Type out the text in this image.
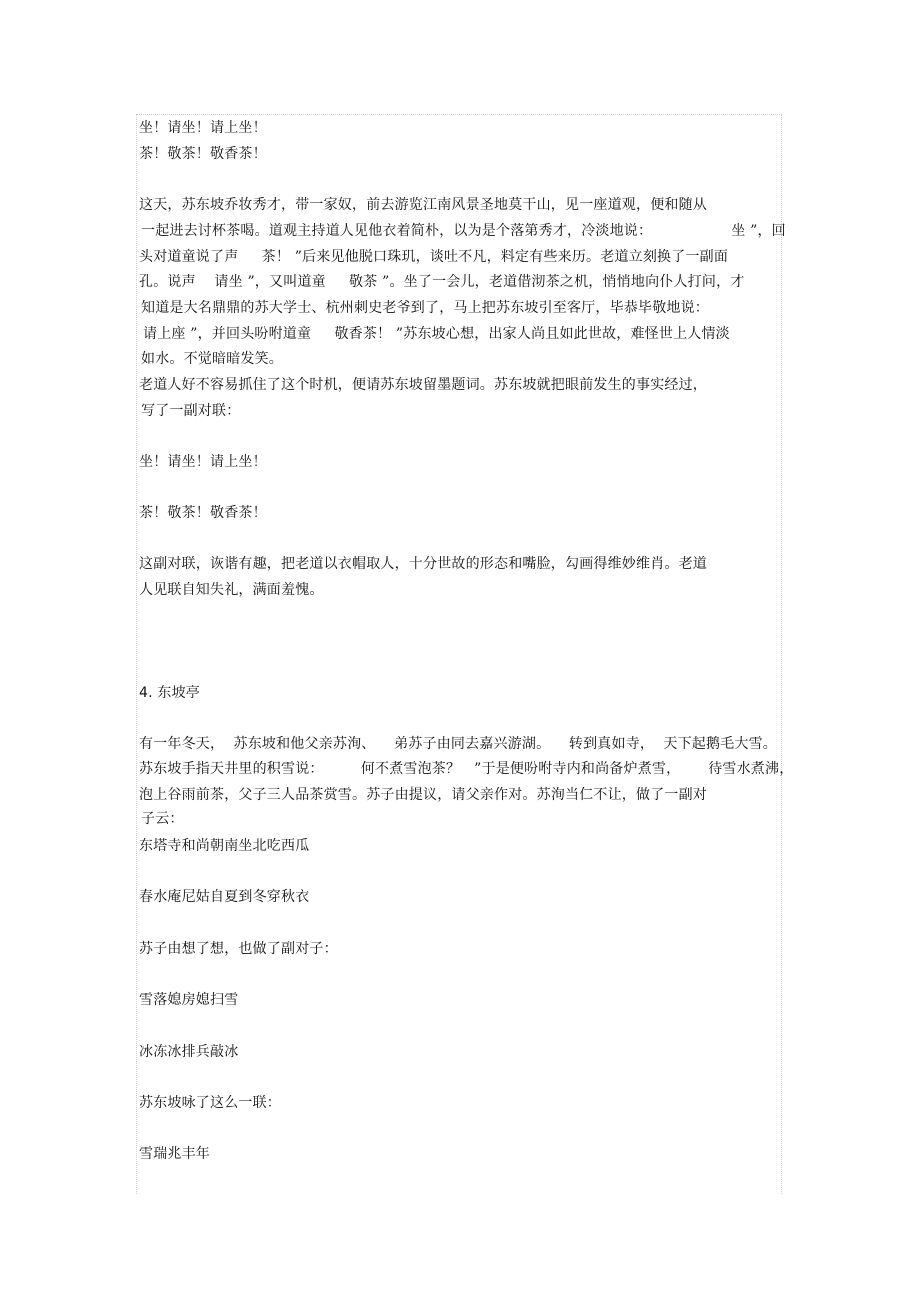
坐！请坐！请上坐！
茶！敬茶！敬香茶！
这天，苏东坡乔妆秀才，带一家奴，前去游览江南风景圣地莫干山，见一座道观，便和随从
一起进去讨杯茶喝。道观主持道人见他衣着简朴，以为是个落第秀才，冷淡地说：                 坐 ”，回
头对道童说了声     茶！ ”后来见他脱口珠玑，谈吐不凡，料定有些来历。老道立刻换了一副面
孔。说声    请坐 ”，又叫道童     敬茶 ”。坐了一会儿，老道借沏茶之机，悄悄地向仆人打问，才
知道是大名鼎鼎的苏大学士、杭州刺史老爷到了，马上把苏东坡引至客厅，毕恭毕敬地说：
请上座 ”，并回头吩咐道童     敬香茶！ ”苏东坡心想，出家人尚且如此世故，难怪世上人情淡
如水。不觉暗暗发笑。
老道人好不容易抓住了这个时机，便请苏东坡留墨题词。苏东坡就把眼前发生的事实经过，
写了一副对联：
坐！请坐！请上坐！
茶！敬茶！敬香茶！
这副对联，诙谐有趣，把老道以衣帽取人，十分世故的形态和嘴脸，勾画得维妙维肖。老道
人见联自知失礼，满面羞愧。
4. 东坡亭
有一年冬天，  苏东坡和他父亲苏洵、    弟苏子由同去嘉兴游湖。    转到真如寺，  天下起鹅毛大雪。
苏东坡手指天井里的积雪说：        何不煮雪泡茶？   ”于是便吩咐寺内和尚备炉煮雪，      待雪水煮沸，
泡上谷雨前茶，父子三人品茶赏雪。苏子由提议，请父亲作对。苏洵当仁不让，做了一副对
子云：
东塔寺和尚朝南坐北吃西瓜
春水庵尼姑自夏到冬穿秋衣
苏子由想了想，也做了副对子：
雪落媳房媳扫雪
冰冻冰排兵敲冰
苏东坡咏了这么一联：
雪瑞兆丰年
